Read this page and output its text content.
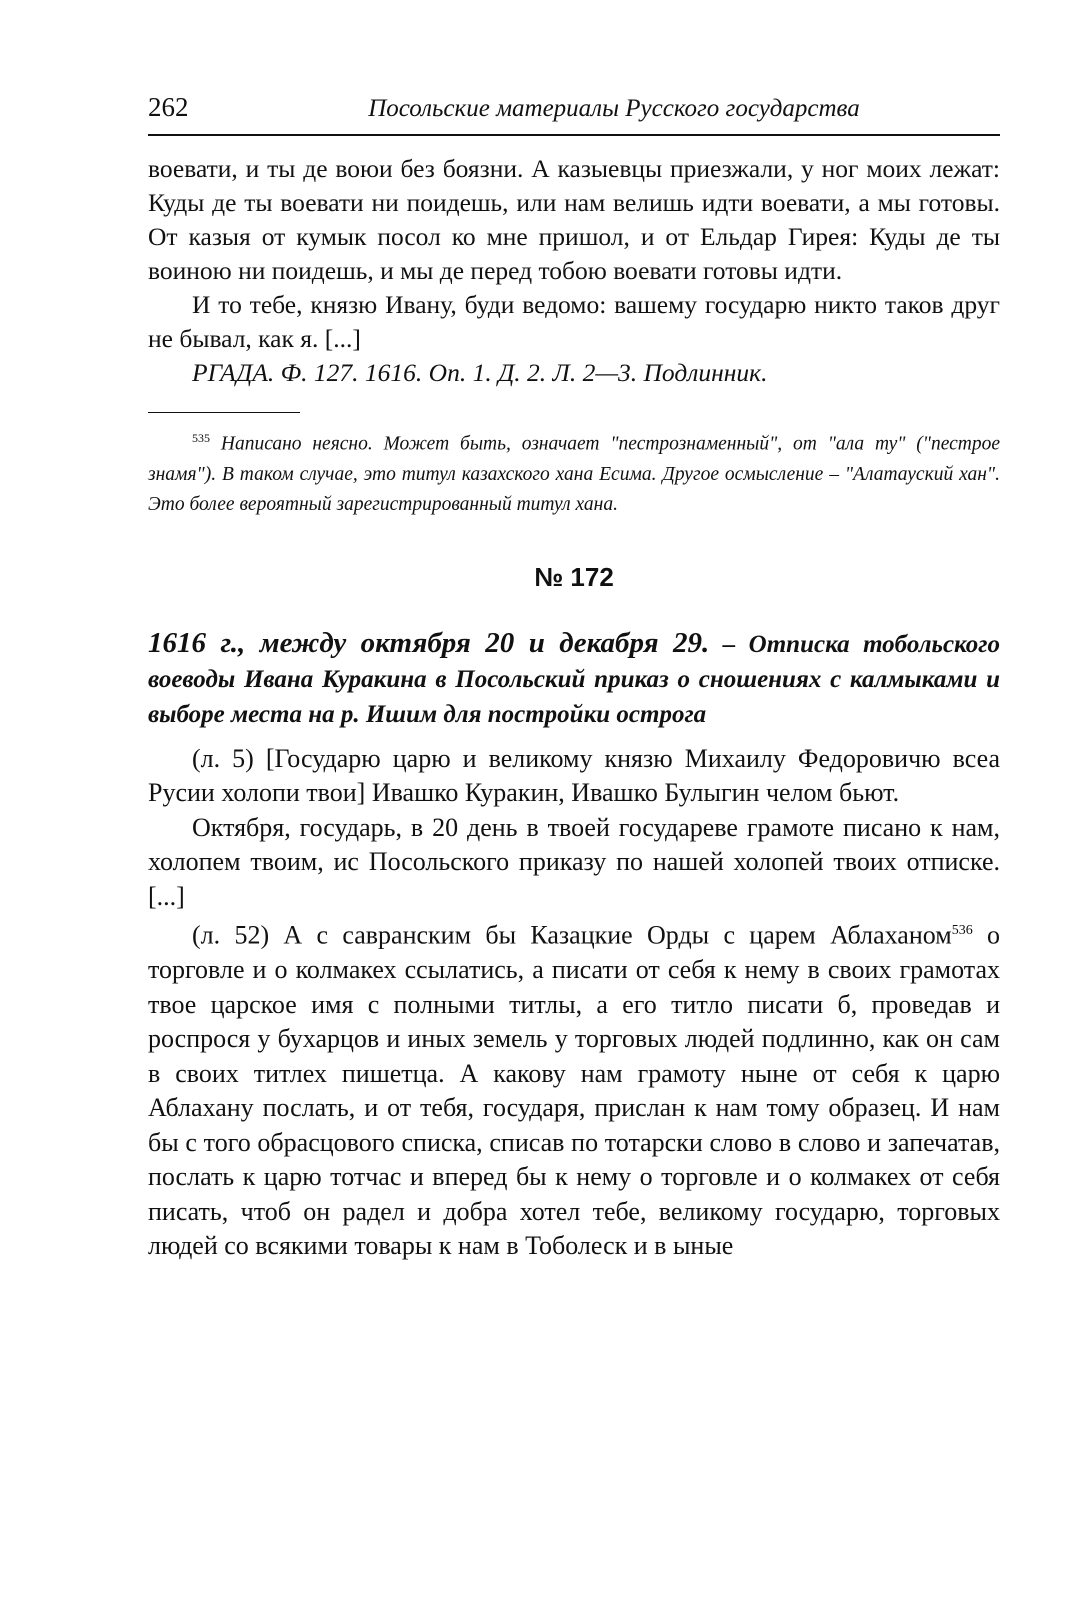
262	Посольские материалы Русского государства

воевати, и ты де воюи без боязни. А казыевцы приезжали, у ног моих лежат: Куды де ты воевати ни поидешь, или нам велишь идти воевати, а мы готовы. От казыя от кумык посол ко мне пришол, и от Ельдар Гирея: Куды де ты воиною ни поидешь, и мы де перед тобою воевати готовы идти.

И то тебе, князю Ивану, буди ведомо: вашему государю никто таков друг не бывал, как я. [...]

РГАДА. Ф. 127. 1616. Оп. 1. Д. 2. Л. 2—3. Подлинник.

$^{535}$ Написано неясно. Может быть, означает "пестрознаменный", от "ала ту" ("пестрое знамя"). В таком случае, это титул казахского хана Есима. Другое осмысление – "Алатауский хан". Это более вероятный зарегистрированный титул хана.

№ 172
1616 г., между октября 20 и декабря 29. – Отписка тобольского воеводы Ивана Куракина в Посольский приказ о сношениях с калмыками и выборе места на р. Ишим для постройки острога

(л. 5) [Государю царю и великому князю Михаилу Федоровичю всеа Русии холопи твои] Ивашко Куракин, Ивашко Булыгин челом бьют.

Октября, государь, в 20 день в твоей государеве грамоте писано к нам, холопем твоим, ис Посольского приказу по нашей холопей твоих отписке. [...]

(л. 52) А с савранским бы Казацкие Орды с царем Аблаханом$^{536}$ о торговле и о колмакех ссылатись, а писати от себя к нему в своих грамотах твое царское имя с полными титлы, а его титло писати б, проведав и роспрося у бухарцов и иных земель у торговых людей подлинно, как он сам в своих титлех пишетца. А какову нам грамоту ныне от себя к царю Аблахану послать, и от тебя, государя, прислан к нам тому образец. И нам бы с того обрасцового списка, списав по тотарски слово в слово и запечатав, послать к царю тотчас и вперед бы к нему о торговле и о колмакех от себя писать, чтоб он радел и добра хотел тебе, великому государю, торговых людей со всякими товары к нам в Тоболеск и в ыные
